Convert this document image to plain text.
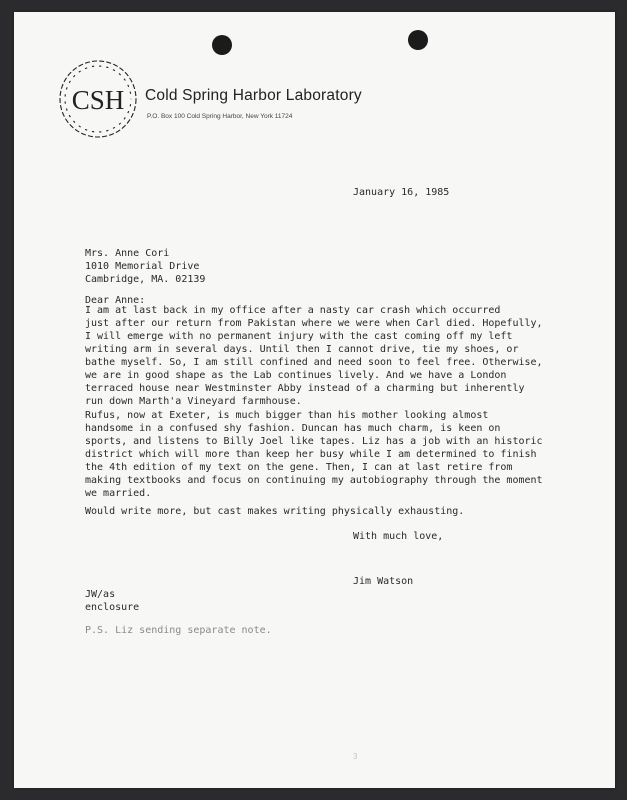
CSH Cold Spring Harbor Laboratory
P.O. Box 100 Cold Spring Harbor, New York 11724
January 16, 1985
Mrs. Anne Cori
1010 Memorial Drive
Cambridge, MA. 02139
Dear Anne:
I am at last back in my office after a nasty car crash which occurred
just after our return from Pakistan where we were when Carl died. Hopefully,
I will emerge with no permanent injury with the cast coming off my left
writing arm in several days. Until then I cannot drive, tie my shoes, or
bathe myself. So, I am still confined and need soon to feel free. Otherwise,
we are in good shape as the Lab continues lively. And we have a London
terraced house near Westminster Abby instead of a charming but inherently
run down Marth'a Vineyard farmhouse.
Rufus, now at Exeter, is much bigger than his mother looking almost
handsome in a confused shy fashion. Duncan has much charm, is keen on
sports, and listens to Billy Joel like tapes. Liz has a job with an historic
district which will more than keep her busy while I am determined to finish
the 4th edition of my text on the gene. Then, I can at last retire from
making textbooks and focus on continuing my autobiography through the moment
we married.
Would write more, but cast makes writing physically exhausting.
With much love,
Jim Watson
JW/as
enclosure
P.S. Liz sending separate note.
3
